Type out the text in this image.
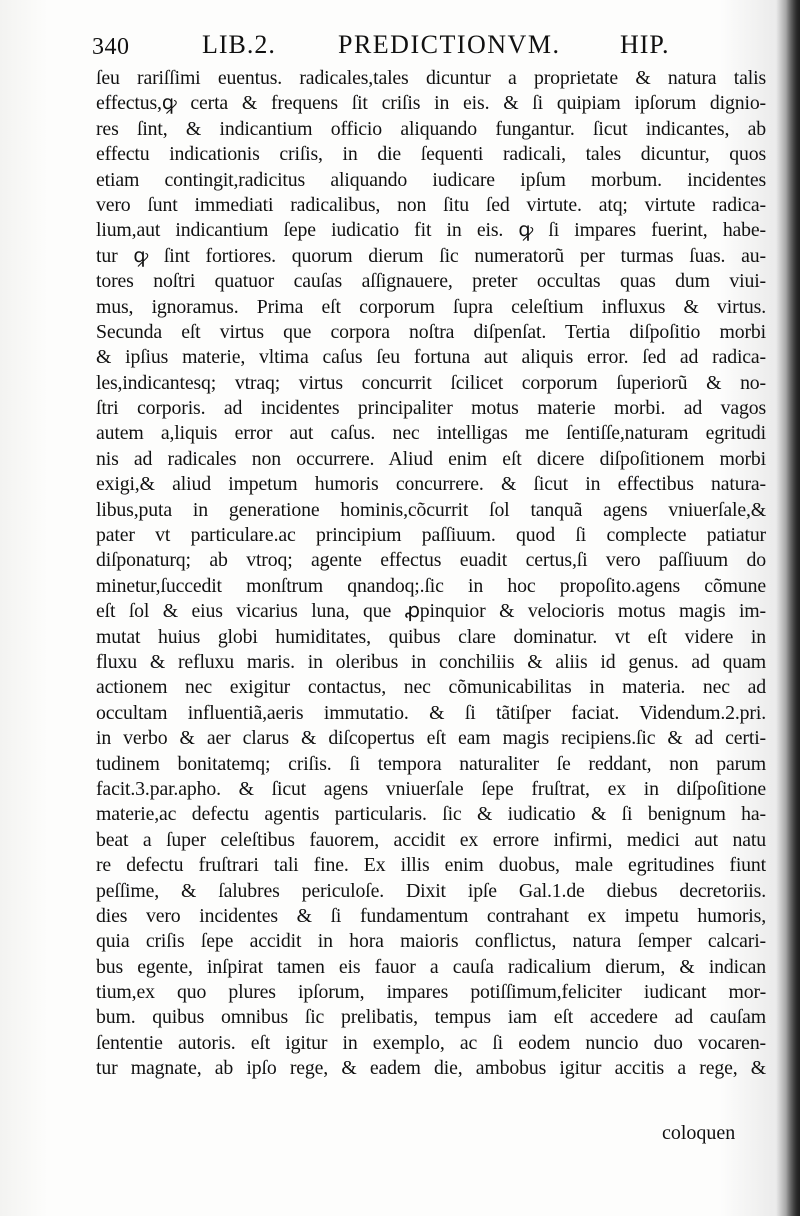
340	LIB.2. PREDICTIONVM. HIP.
ſeu rariſſimi euentus. radicales,tales dicuntur a proprietate & natura talis
effectus,ꝙ certa & frequens ſit criſis in eis. & ſi quipiam ipſorum digniο-
res ſint, & indicantium officio aliquando fungantur. ſicut indicantes, ab
effectu indicationis criſis, in die ſequenti radicali, tales dicuntur, quos
etiam contingit,radicitus aliquando iudicare ipſum morbum. incidentes
vero ſunt immediati radicalibus, non ſitu ſed virtute. atq; virtute radica-
lium,aut indicantium ſepe iudicatio fit in eis. ꝙ ſi impares fuerint, habe-
tur ꝙ ſint fortiores. quorum dierum ſic numeratorũ per turmas ſuas. au-
tores noſtri quatuor cauſas aſſignauere, preter occultas quas dum viui-
mus, ignoramus. Prima eſt corporum ſupra celeſtium influxus & virtus.
Secunda eſt virtus que corpora noſtra diſpenſat. Tertia diſpoſitio morbi
& ipſius materie, vltima caſus ſeu fortuna aut aliquis error. ſed ad radica-
les,indicantesq; vtraq; virtus concurrit ſcilicet corporum ſuperiorũ & no-
ſtri corporis. ad incidentes principaliter motus materie morbi. ad vagos
autem a,liquis error aut caſus. nec intelligas me ſentiſſe,naturam egritudi
nis ad radicales non occurrere. Aliud enim eſt dicere diſpoſitionem morbi
exigi,& aliud impetum humoris concurrere. & ſicut in effectibus natura-
libus,puta in generatione hominis,cõcurrit ſol tanquã agens vniuerſale,&
pater vt particulare.ac principium paſſiuum. quod ſi complecte patiatur
diſponaturq; ab vtroq; agente effectus euadit certus,ſi vero paſſiuum do
minetur,ſuccedit monſtrum qnandoq;.ſic in hoc propoſito.agens cõmune
eſt ſol & eius vicarius luna, que ꝓpinquior & velocioris motus magis im-
mutat huius globi humiditates, quibus clare dominatur. vt eſt videre in
fluxu & refluxu maris. in oleribus in conchiliis & aliis id genus. ad quam
actionem nec exigitur contactus, nec cõmunicabilitas in materia. nec ad
occultam influentiã,aeris immutatio. & ſi tãtiſper faciat. Videndum.2.pri.
in verbo & aer clarus & diſcopertus eſt eam magis recipiens.ſic & ad certi-
tudinem bonitatemq; criſis. ſi tempora naturaliter ſe reddant, non parum
facit.3.par.apho. & ſicut agens vniuerſale ſepe fruſtrat, ex in diſpoſitione
materie,ac defectu agentis particularis. ſic & iudicatio & ſi benignum ha-
beat a ſuper celeſtibus fauorem, accidit ex errore infirmi, medici aut natu
re defectu fruſtrari tali fine. Ex illis enim duobus, male egritudines fiunt
peſſime, & ſalubres periculoſe. Dixit ipſe Gal.1.de diebus decretoriis.
dies vero incidentes & ſi fundamentum contrahant ex impetu humoris,
quia criſis ſepe accidit in hora maioris conflictus, natura ſemper calcari-
bus egente, inſpirat tamen eis fauor a cauſa radicalium dierum, & indican
tium,ex quo plures ipſorum, impares potiſſimum,feliciter iudicant mor-
bum. quibus omnibus ſic prelibatis, tempus iam eſt accedere ad cauſam
ſententie autoris. eſt igitur in exemplo, ac ſi eodem nuncio duo vocaren-
tur magnate, ab ipſo rege, & eadem die, ambobus igitur accitis a rege, &
coloquen
